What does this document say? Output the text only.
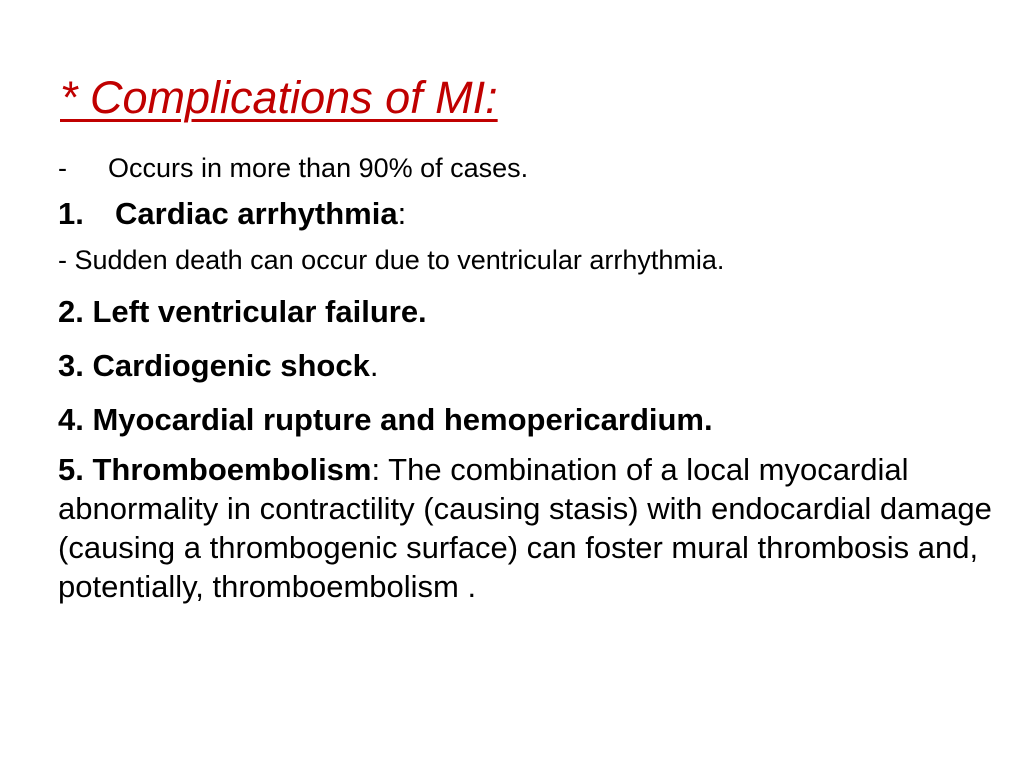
* Complications of MI:
-	Occurs in more than 90% of cases.
1.	Cardiac arrhythmia:
- Sudden death can occur due to ventricular arrhythmia.
2. Left ventricular failure.
3. Cardiogenic shock.
4. Myocardial rupture and hemopericardium.
5. Thromboembolism: The combination of a local myocardial abnormality in contractility (causing stasis) with endocardial damage (causing a thrombogenic surface) can foster mural thrombosis and, potentially, thromboembolism .
